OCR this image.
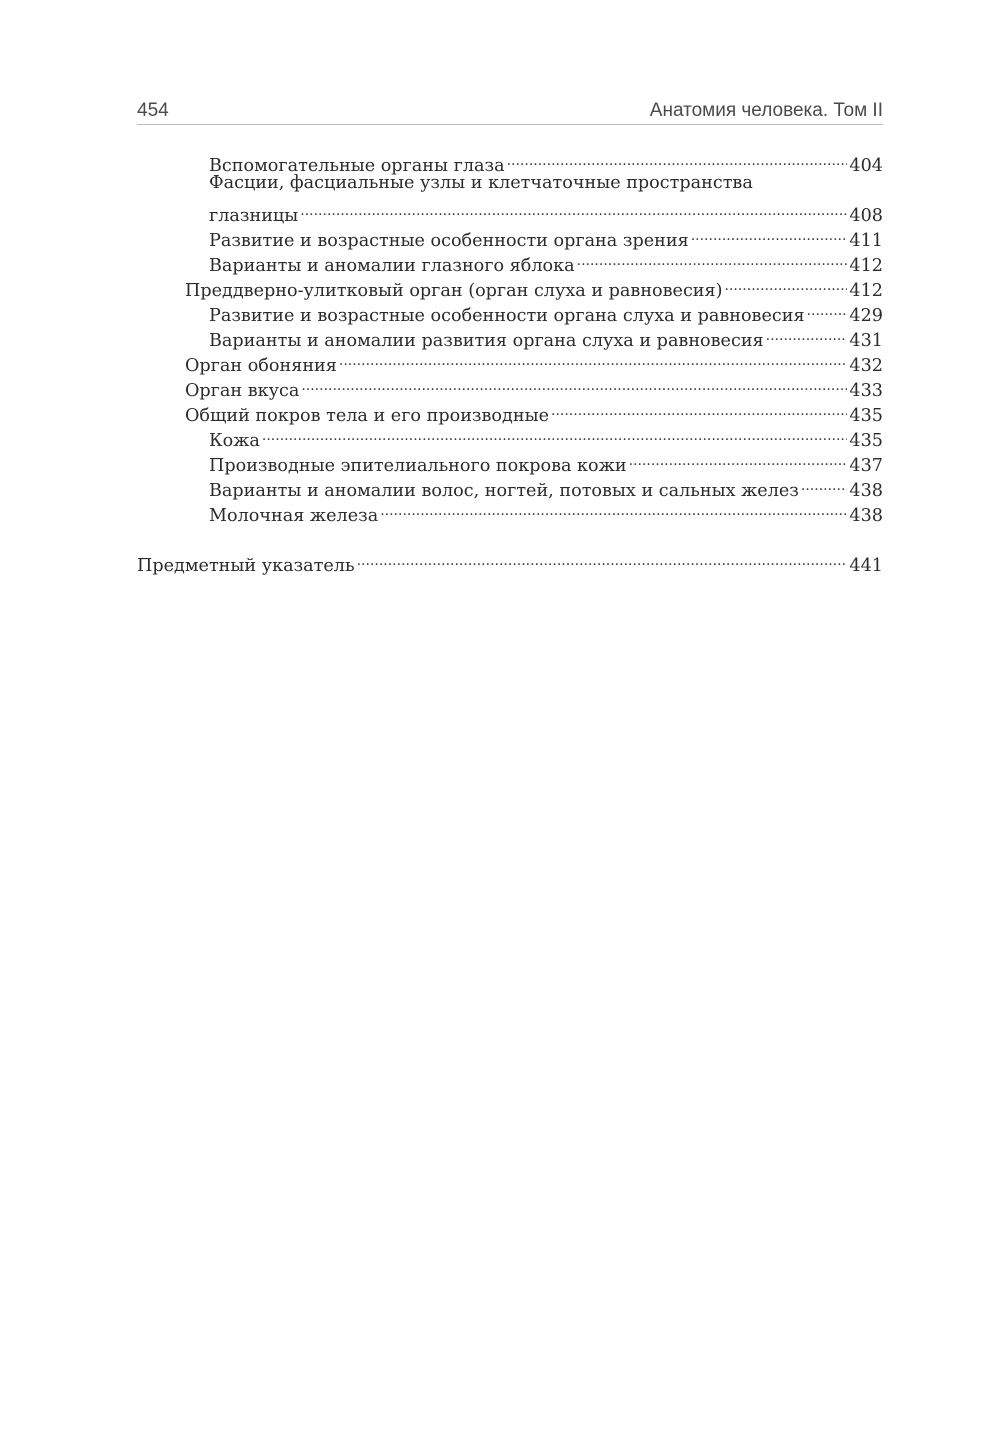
454	Анатомия человека. Том II
Вспомогательные органы глаза .....	404
Фасции, фасциальные узлы и клетчаточные пространства
глазницы .....	408
Развитие и возрастные особенности органа зрения .....	411
Варианты и аномалии глазного яблока .....	412
Преддверно-улитковый орган (орган слуха и равновесия) .....	412
Развитие и возрастные особенности органа слуха и равновесия .....	429
Варианты и аномалии развития органа слуха и равновесия .....	431
Орган обоняния .....	432
Орган вкуса .....	433
Общий покров тела и его производные .....	435
Кожа .....	435
Производные эпителиального покрова кожи .....	437
Варианты и аномалии волос, ногтей, потовых и сальных желез .....	438
Молочная железа .....	438
Предметный указатель .....	441
